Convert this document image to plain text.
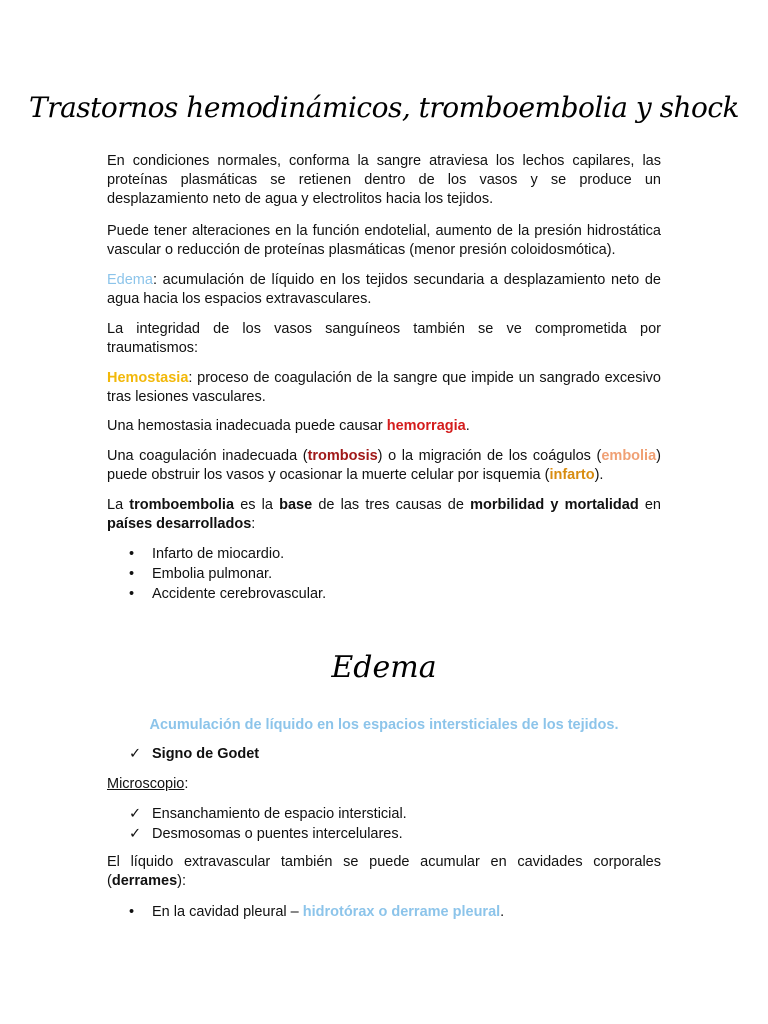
Trastornos hemodinámicos, tromboembolia y shock

En condiciones normales, conforma la sangre atraviesa los lechos capilares, las proteínas plasmáticas se retienen dentro de los vasos y se produce un desplazamiento neto de agua y electrolitos hacia los tejidos.

Puede tener alteraciones en la función endotelial, aumento de la presión hidrostática vascular o reducción de proteínas plasmáticas (menor presión coloidosmótica).

Edema: acumulación de líquido en los tejidos secundaria a desplazamiento neto de agua hacia los espacios extravasculares.

La integridad de los vasos sanguíneos también se ve comprometida por traumatismos:

Hemostasia: proceso de coagulación de la sangre que impide un sangrado excesivo tras lesiones vasculares.

Una hemostasia inadecuada puede causar hemorragia.

Una coagulación inadecuada (trombosis) o la migración de los coágulos (embolia) puede obstruir los vasos y ocasionar la muerte celular por isquemia (infarto).

La tromboembolia es la base de las tres causas de morbilidad y mortalidad en países desarrollados:

• Infarto de miocardio.
• Embolia pulmonar.
• Accidente cerebrovascular.
Edema

Acumulación de líquido en los espacios intersticiales de los tejidos.

✓ Signo de Godet

Microscopio:

✓ Ensanchamiento de espacio intersticial.
✓ Desmosomas o puentes intercelulares.

El líquido extravascular también se puede acumular en cavidades corporales (derrames):

• En la cavidad pleural – hidrotórax o derrame pleural.
